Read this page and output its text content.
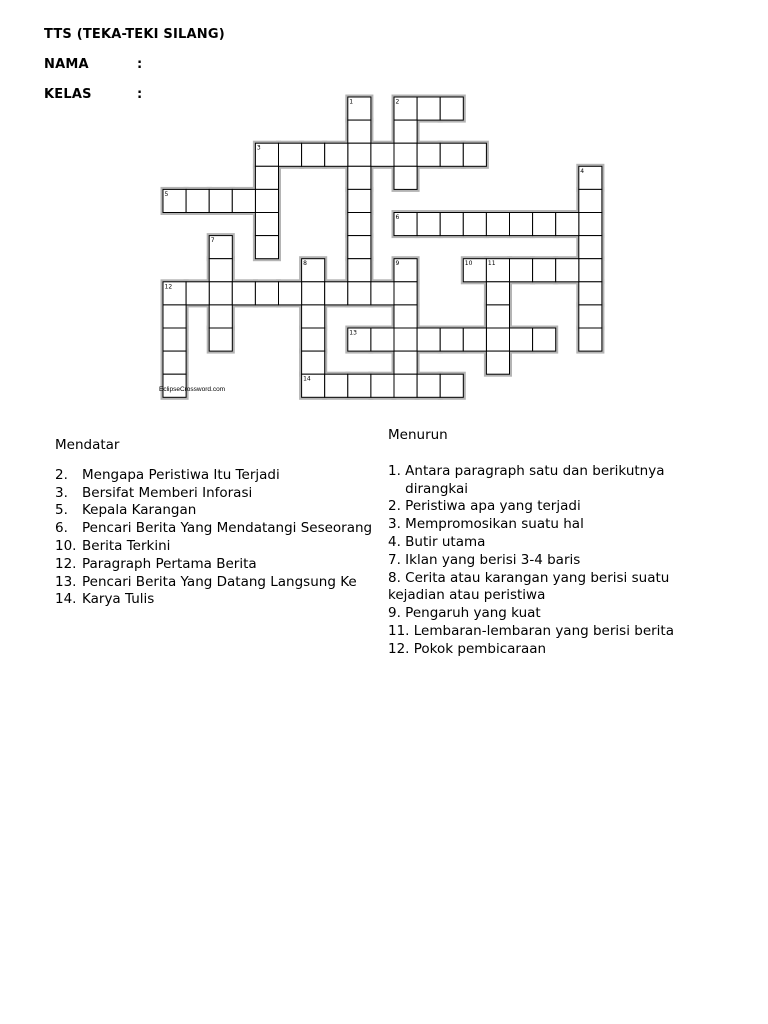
TTS (TEKA-TEKI SILANG)
NAMA	:
KELAS	:	1	2
3
4
5
6
7
8	9	10	11
12
13
14
EclipseCrossword.com
Mendatar
2. Mengapa Peristiwa Itu Terjadi
3. Bersifat Memberi Inforasi
5. Kepala Karangan
6. Pencari Berita Yang Mendatangi Seseorang
10. Berita Terkini
12. Paragraph Pertama Berita
13. Pencari Berita Yang Datang Langsung Ke
14. Karya Tulis
Menurun
1. Antara paragraph satu dan berikutnya
dirangkai
2. Peristiwa apa yang terjadi
3. Mempromosikan suatu hal
4. Butir utama
7. Iklan yang berisi 3-4 baris
8. Cerita atau karangan yang berisi suatu
kejadian atau peristiwa
9. Pengaruh yang kuat
11. Lembaran-lembaran yang berisi berita
12. Pokok pembicaraan
